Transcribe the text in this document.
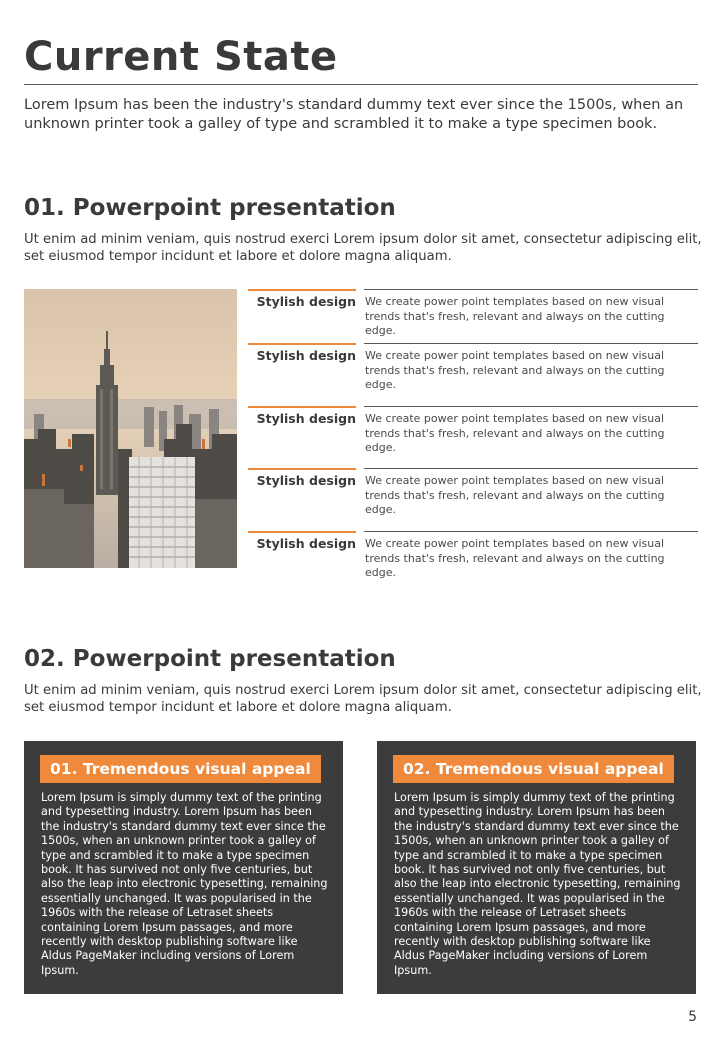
Current State

Lorem Ipsum has been the industry's standard dummy text ever since the 1500s, when an unknown printer took a galley of type and scrambled it to make a type specimen book.

01. Powerpoint presentation

Ut enim ad minim veniam, quis nostrud exerci Lorem ipsum dolor sit amet, consectetur adipiscing elit, set eiusmod tempor incidunt et labore et dolore magna aliquam.

Stylish design We create power point templates based on new visual trends that's fresh, relevant and always on the cutting edge.
Stylish design We create power point templates based on new visual trends that's fresh, relevant and always on the cutting edge.
Stylish design We create power point templates based on new visual trends that's fresh, relevant and always on the cutting edge.
Stylish design We create power point templates based on new visual trends that's fresh, relevant and always on the cutting edge.
Stylish design We create power point templates based on new visual trends that's fresh, relevant and always on the cutting edge.
02. Powerpoint presentation

Ut enim ad minim veniam, quis nostrud exerci Lorem ipsum dolor sit amet, consectetur adipiscing elit, set eiusmod tempor incidunt et labore et dolore magna aliquam.

01. Tremendous visual appeal
Lorem Ipsum is simply dummy text of the printing and typesetting industry. Lorem Ipsum has been the industry's standard dummy text ever since the 1500s, when an unknown printer took a galley of type and scrambled it to make a type specimen book. It has survived not only five centuries, but also the leap into electronic typesetting, remaining essentially unchanged. It was popularised in the 1960s with the release of Letraset sheets containing Lorem Ipsum passages, and more recently with desktop publishing software like Aldus PageMaker including versions of Lorem Ipsum.
02. Tremendous visual appeal
Lorem Ipsum is simply dummy text of the printing and typesetting industry. Lorem Ipsum has been the industry's standard dummy text ever since the 1500s, when an unknown printer took a galley of type and scrambled it to make a type specimen book. It has survived not only five centuries, but also the leap into electronic typesetting, remaining essentially unchanged. It was popularised in the 1960s with the release of Letraset sheets containing Lorem Ipsum passages, and more recently with desktop publishing software like Aldus PageMaker including versions of Lorem Ipsum.
5
